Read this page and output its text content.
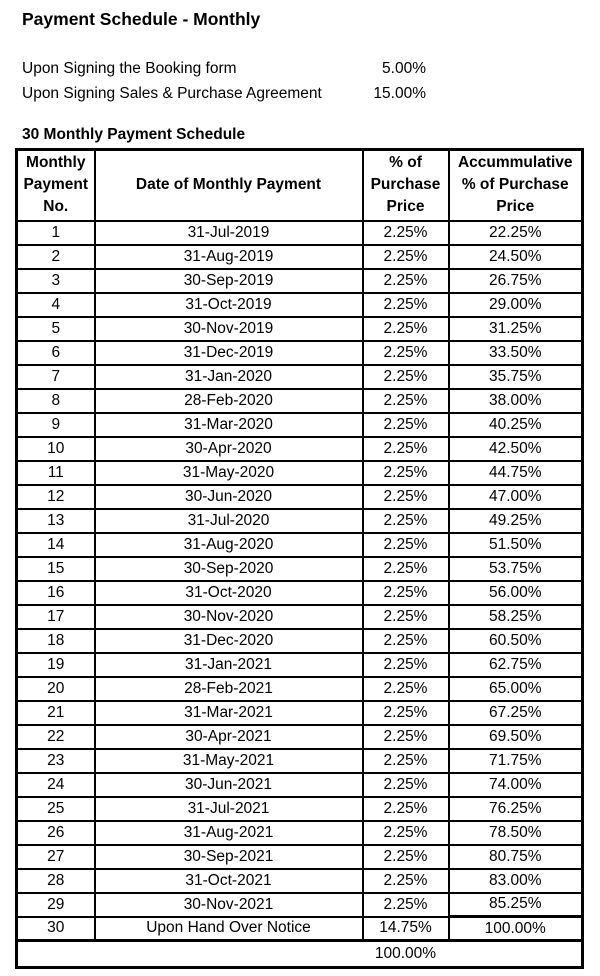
Payment Schedule - Monthly
Upon Signing the Booking form	5.00%
Upon Signing Sales & Purchase Agreement	15.00%
30 Monthly Payment Schedule
Monthly Payment No.	Date of Monthly Payment	% of Purchase Price	Accummulative % of Purchase Price
1	31-Jul-2019	2.25%	22.25%
2	31-Aug-2019	2.25%	24.50%
3	30-Sep-2019	2.25%	26.75%
4	31-Oct-2019	2.25%	29.00%
5	30-Nov-2019	2.25%	31.25%
6	31-Dec-2019	2.25%	33.50%
7	31-Jan-2020	2.25%	35.75%
8	28-Feb-2020	2.25%	38.00%
9	31-Mar-2020	2.25%	40.25%
10	30-Apr-2020	2.25%	42.50%
11	31-May-2020	2.25%	44.75%
12	30-Jun-2020	2.25%	47.00%
13	31-Jul-2020	2.25%	49.25%
14	31-Aug-2020	2.25%	51.50%
15	30-Sep-2020	2.25%	53.75%
16	31-Oct-2020	2.25%	56.00%
17	30-Nov-2020	2.25%	58.25%
18	31-Dec-2020	2.25%	60.50%
19	31-Jan-2021	2.25%	62.75%
20	28-Feb-2021	2.25%	65.00%
21	31-Mar-2021	2.25%	67.25%
22	30-Apr-2021	2.25%	69.50%
23	31-May-2021	2.25%	71.75%
24	30-Jun-2021	2.25%	74.00%
25	31-Jul-2021	2.25%	76.25%
26	31-Aug-2021	2.25%	78.50%
27	30-Sep-2021	2.25%	80.75%
28	31-Oct-2021	2.25%	83.00%
29	30-Nov-2021	2.25%	85.25%
30	Upon Hand Over Notice	14.75%	100.00%
		100.00%	
